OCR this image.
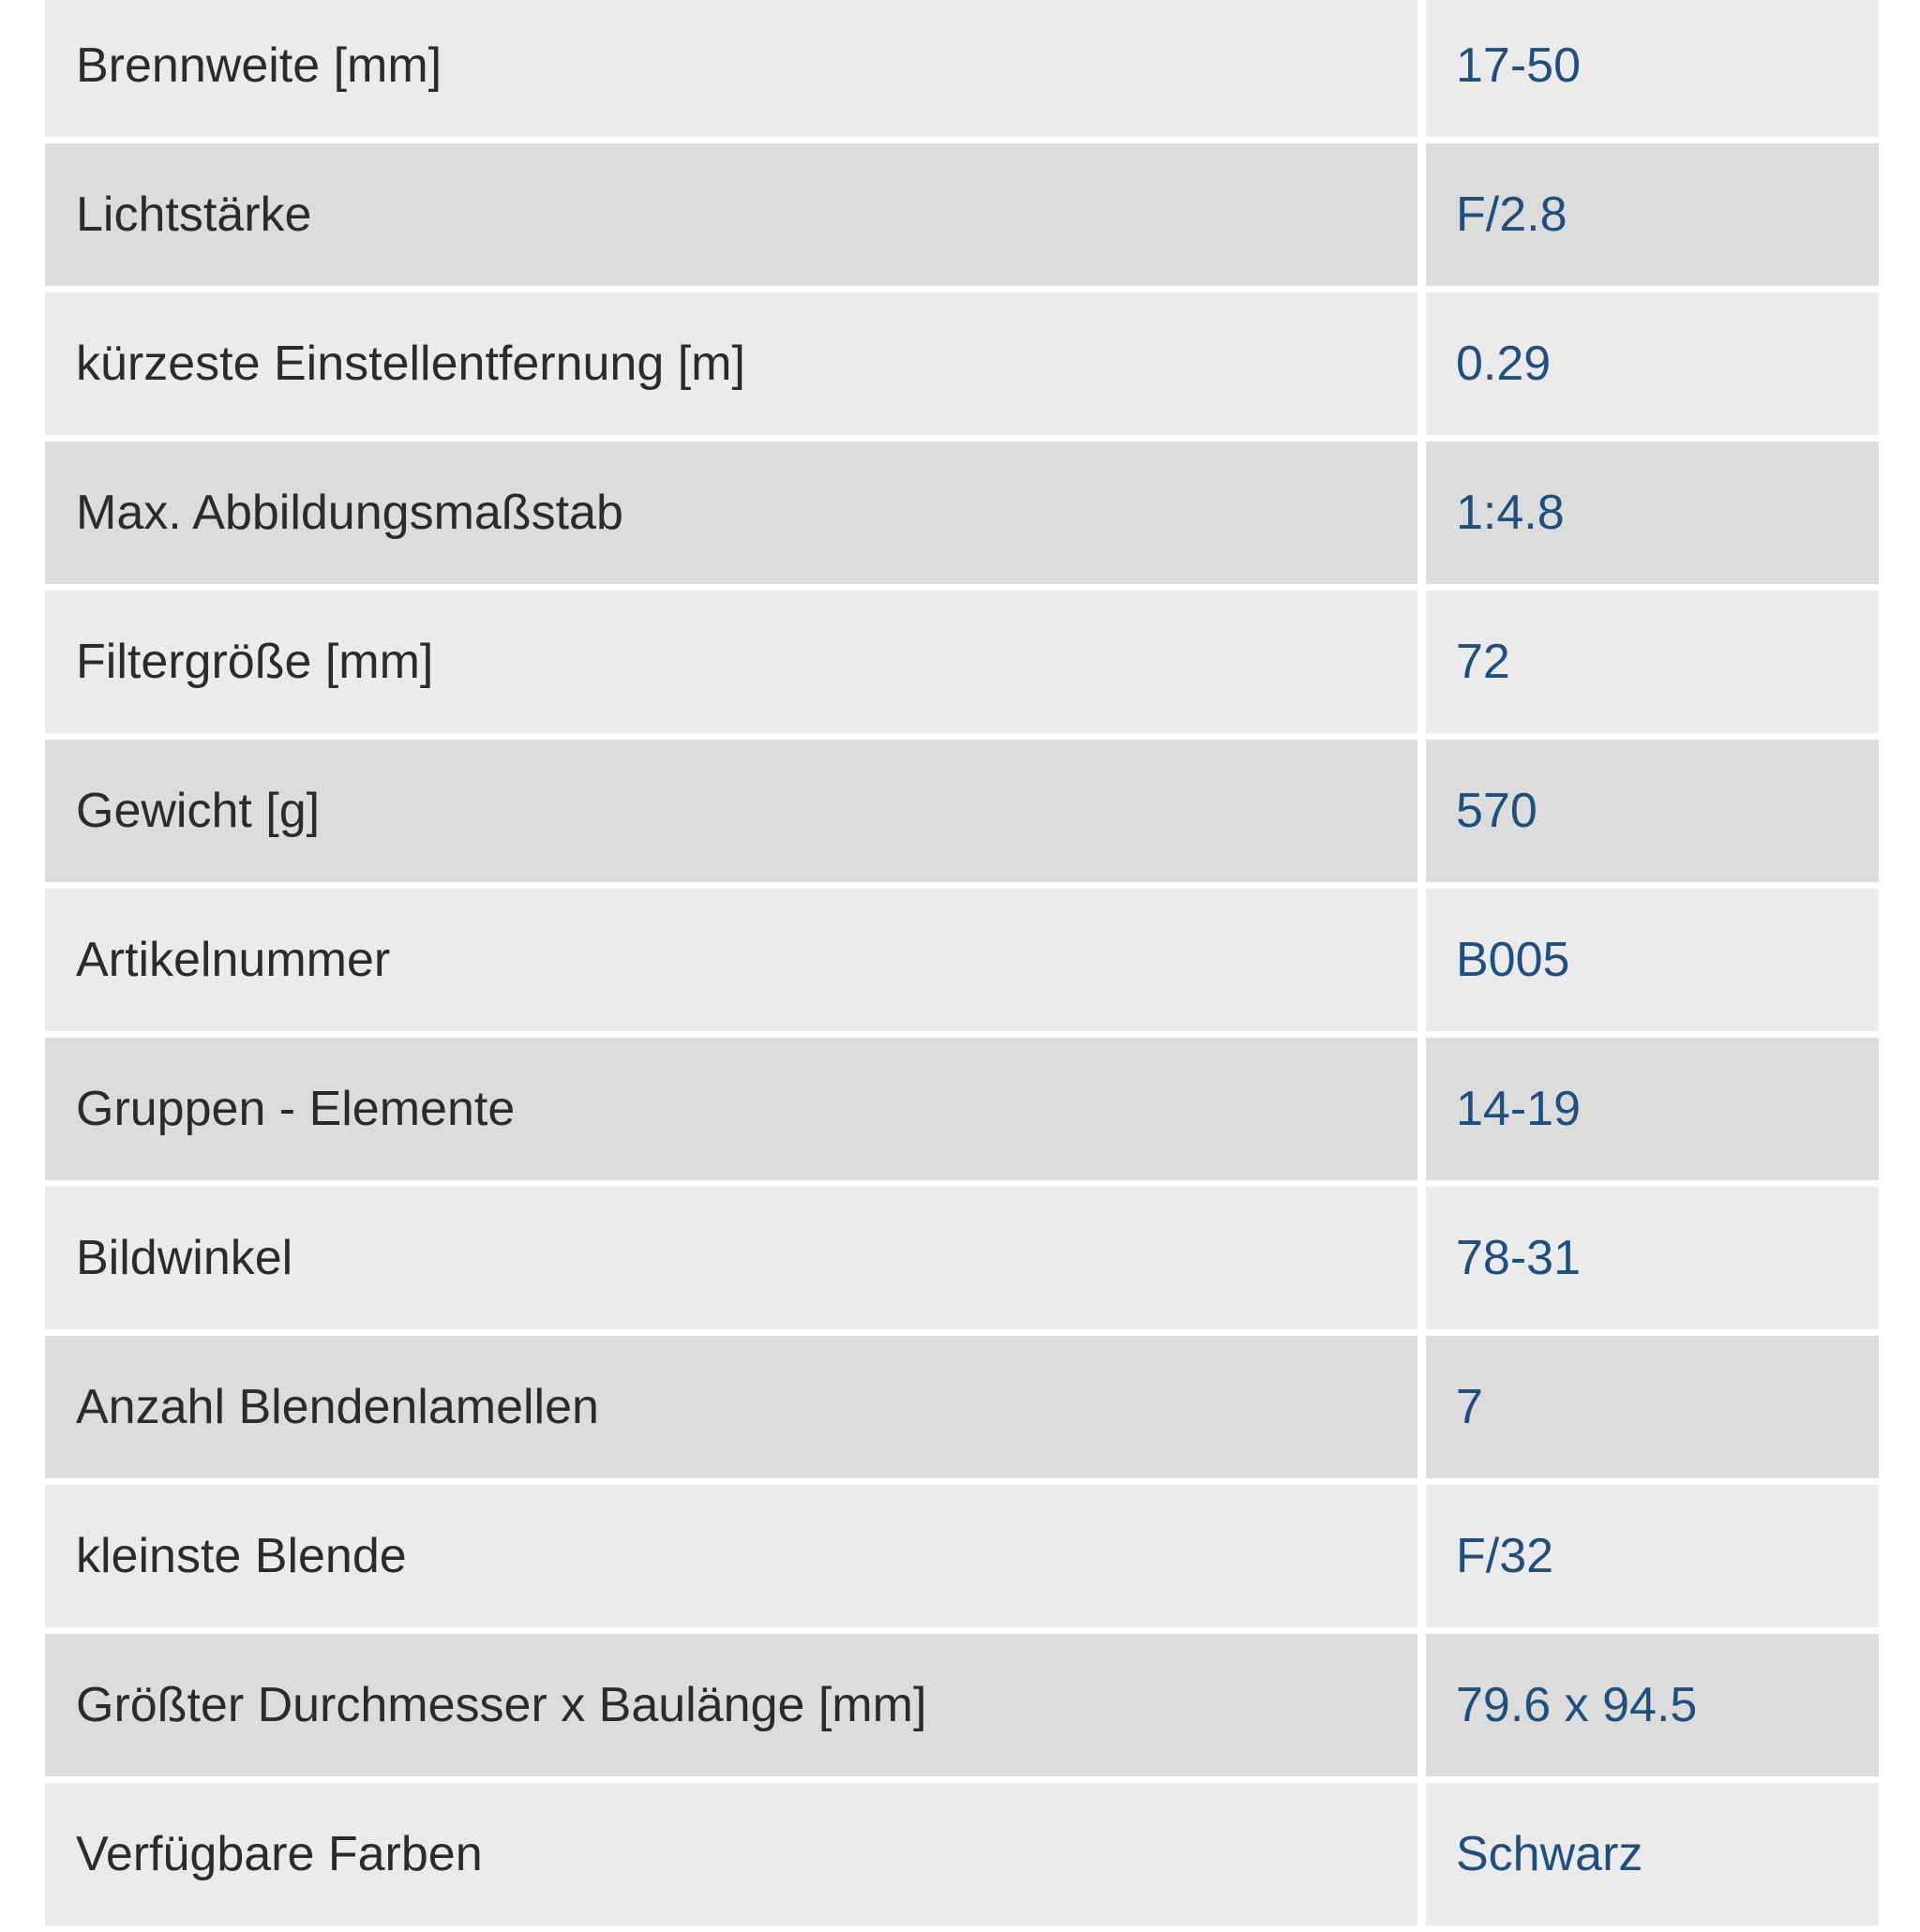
Brennweite [mm]	17-50
Lichtstärke	F/2.8
kürzeste Einstellentfernung [m]	0.29
Max. Abbildungsmaßstab	1:4.8
Filtergröße [mm]	72
Gewicht [g]	570
Artikelnummer	B005
Gruppen - Elemente	14-19
Bildwinkel	78-31
Anzahl Blendenlamellen	7
kleinste Blende	F/32
Größter Durchmesser x Baulänge [mm]	79.6 x 94.5
Verfügbare Farben	Schwarz
